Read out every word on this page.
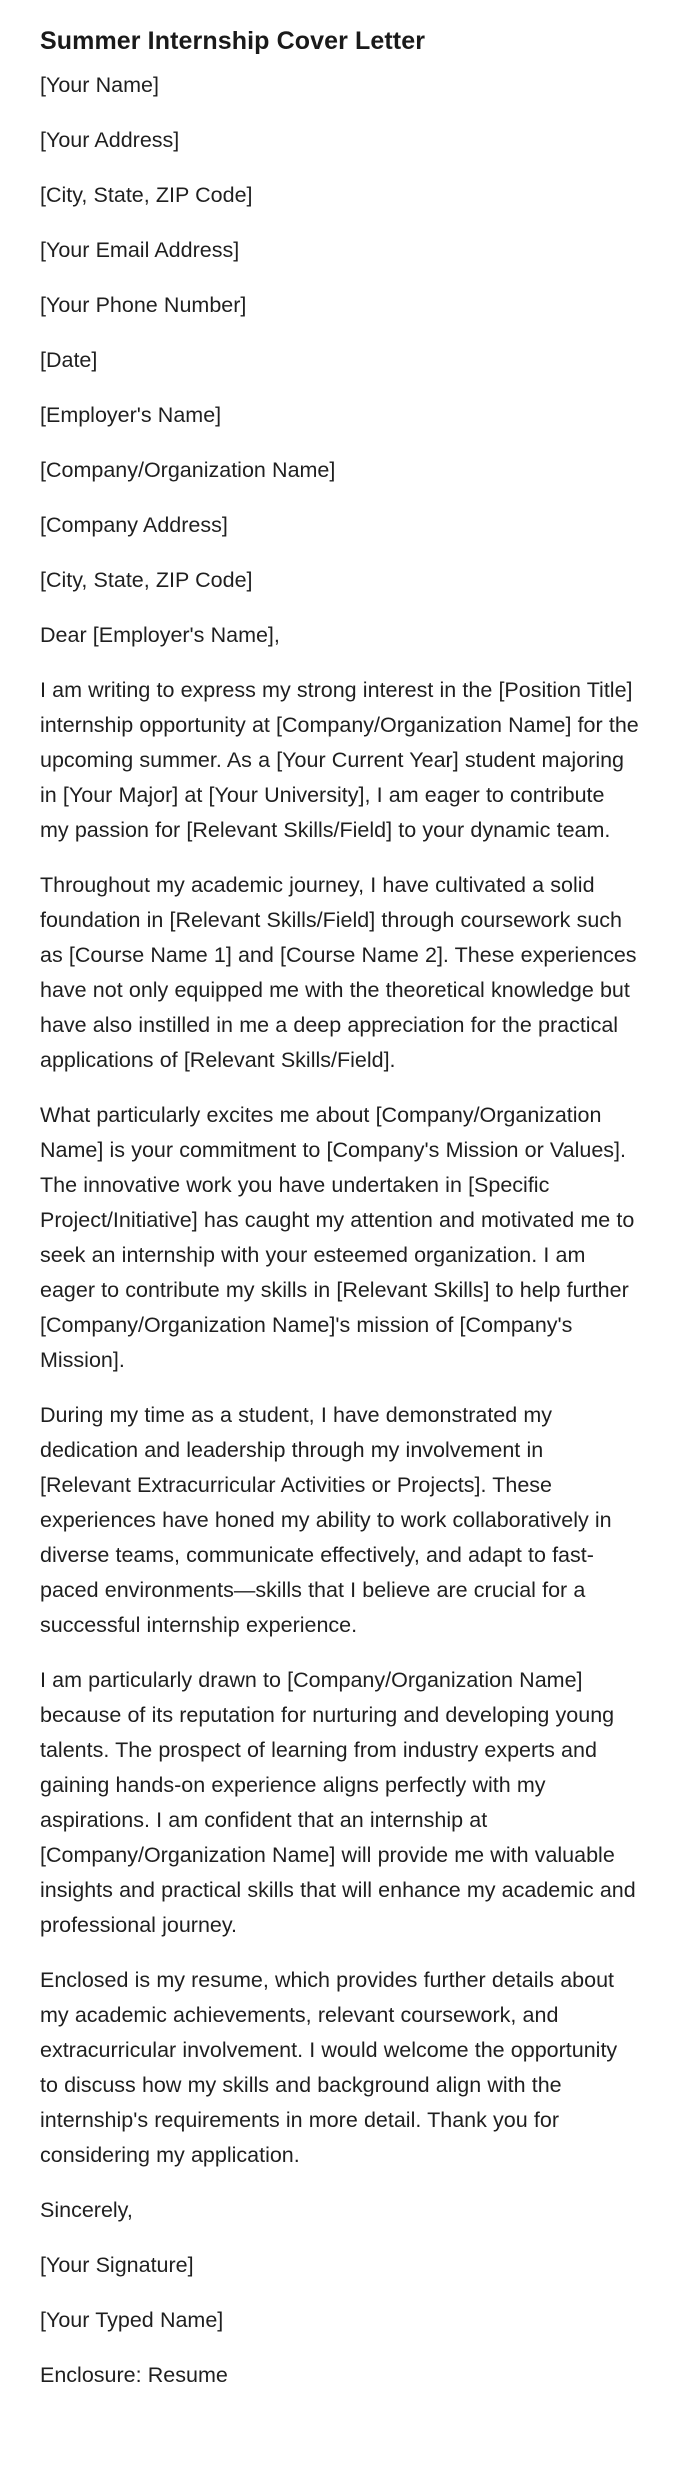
Summer Internship Cover Letter

[Your Name]

[Your Address]

[City, State, ZIP Code]

[Your Email Address]

[Your Phone Number]

[Date]

[Employer's Name]

[Company/Organization Name]

[Company Address]

[City, State, ZIP Code]

Dear [Employer's Name],

I am writing to express my strong interest in the [Position Title] internship opportunity at [Company/Organization Name] for the upcoming summer. As a [Your Current Year] student majoring in [Your Major] at [Your University], I am eager to contribute my passion for [Relevant Skills/Field] to your dynamic team.

Throughout my academic journey, I have cultivated a solid foundation in [Relevant Skills/Field] through coursework such as [Course Name 1] and [Course Name 2]. These experiences have not only equipped me with the theoretical knowledge but have also instilled in me a deep appreciation for the practical applications of [Relevant Skills/Field].

What particularly excites me about [Company/Organization Name] is your commitment to [Company's Mission or Values]. The innovative work you have undertaken in [Specific Project/Initiative] has caught my attention and motivated me to seek an internship with your esteemed organization. I am eager to contribute my skills in [Relevant Skills] to help further [Company/Organization Name]'s mission of [Company's Mission].

During my time as a student, I have demonstrated my dedication and leadership through my involvement in [Relevant Extracurricular Activities or Projects]. These experiences have honed my ability to work collaboratively in diverse teams, communicate effectively, and adapt to fast-paced environments—skills that I believe are crucial for a successful internship experience.

I am particularly drawn to [Company/Organization Name] because of its reputation for nurturing and developing young talents. The prospect of learning from industry experts and gaining hands-on experience aligns perfectly with my aspirations. I am confident that an internship at [Company/Organization Name] will provide me with valuable insights and practical skills that will enhance my academic and professional journey.

Enclosed is my resume, which provides further details about my academic achievements, relevant coursework, and extracurricular involvement. I would welcome the opportunity to discuss how my skills and background align with the internship's requirements in more detail. Thank you for considering my application.

Sincerely,

[Your Signature]

[Your Typed Name]

Enclosure: Resume
